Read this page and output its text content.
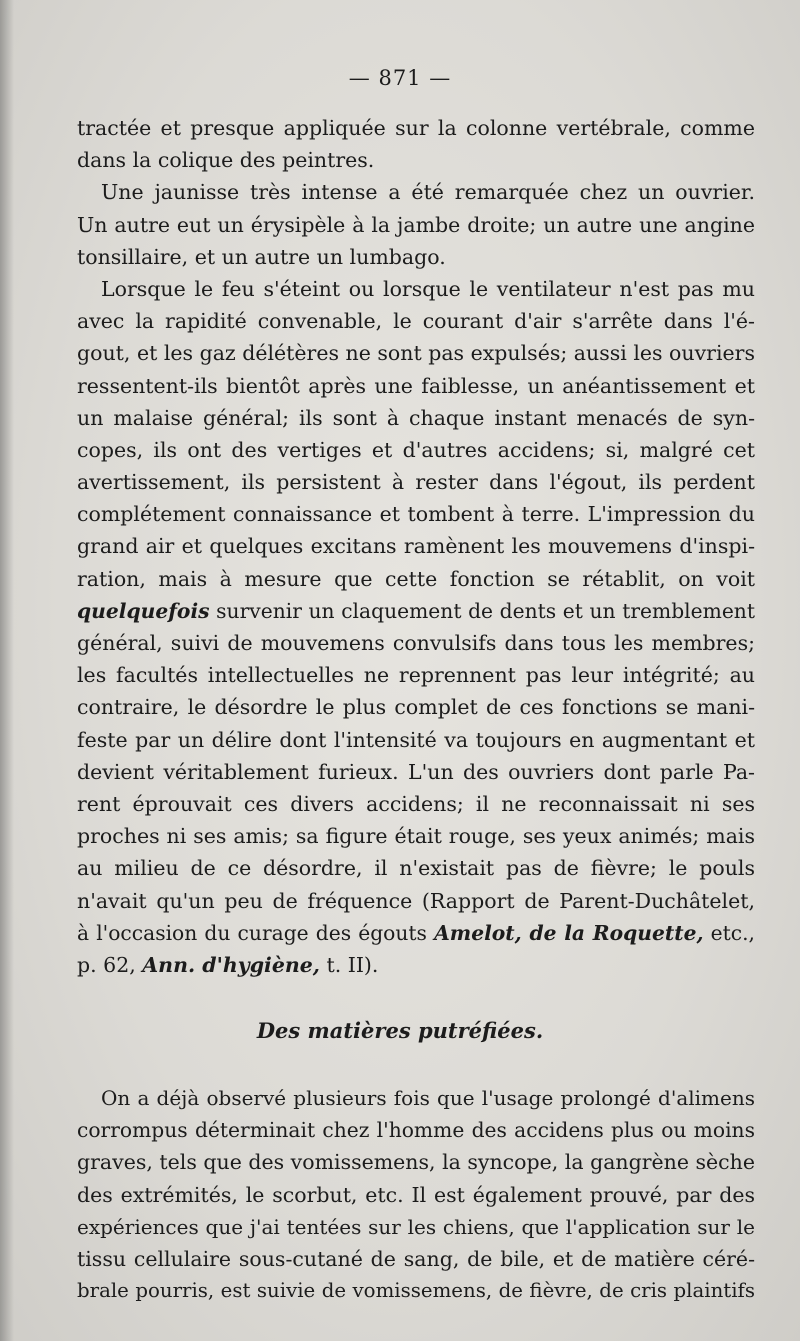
— 871 —
tractée et presque appliquée sur la colonne vertébrale, comme
dans la colique des peintres.
Une jaunisse très intense a été remarquée chez un ouvrier.
Un autre eut un érysipèle à la jambe droite; un autre une angine
tonsillaire, et un autre un lumbago.
Lorsque le feu s'éteint ou lorsque le ventilateur n'est pas mu
avec la rapidité convenable, le courant d'air s'arrête dans l'é-
gout, et les gaz délétères ne sont pas expulsés; aussi les ouvriers
ressentent-ils bientôt après une faiblesse, un anéantissement et
un malaise général; ils sont à chaque instant menacés de syn-
copes, ils ont des vertiges et d'autres accidens; si, malgré cet
avertissement, ils persistent à rester dans l'égout, ils perdent
complétement connaissance et tombent à terre. L'impression du
grand air et quelques excitans ramènent les mouvemens d'inspi-
ration, mais à mesure que cette fonction se rétablit, on voit
quelquefois survenir un claquement de dents et un tremblement
général, suivi de mouvemens convulsifs dans tous les membres;
les facultés intellectuelles ne reprennent pas leur intégrité; au
contraire, le désordre le plus complet de ces fonctions se mani-
feste par un délire dont l'intensité va toujours en augmentant et
devient véritablement furieux. L'un des ouvriers dont parle Pa-
rent éprouvait ces divers accidens; il ne reconnaissait ni ses
proches ni ses amis; sa figure était rouge, ses yeux animés; mais
au milieu de ce désordre, il n'existait pas de fièvre; le pouls
n'avait qu'un peu de fréquence (Rapport de Parent-Duchâtelet,
à l'occasion du curage des égouts Amelot, de la Roquette, etc.,
p. 62, Ann. d'hygiène, t. II).
Des matières putréfiées.
On a déjà observé plusieurs fois que l'usage prolongé d'alimens
corrompus déterminait chez l'homme des accidens plus ou moins
graves, tels que des vomissemens, la syncope, la gangrène sèche
des extrémités, le scorbut, etc. Il est également prouvé, par des
expériences que j'ai tentées sur les chiens, que l'application sur le
tissu cellulaire sous-cutané de sang, de bile, et de matière céré-
brale pourris, est suivie de vomissemens, de fièvre, de cris plaintifs
